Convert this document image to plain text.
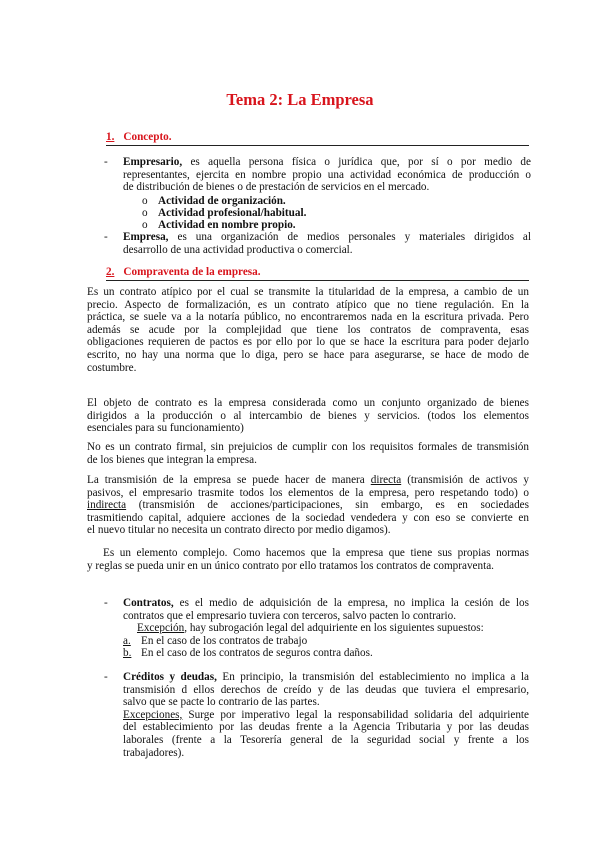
Tema 2: La Empresa
1. Concepto.
- Empresario, es aquella persona física o jurídica que, por sí o por medio de

representantes, ejercita en nombre propio una actividad económica de producción o

de distribución de bienes o de prestación de servicios en el mercado.

o Actividad de organización.
o Actividad profesional/habitual.
o Actividad en nombre propio.
- Empresa, es una organización de medios personales y materiales dirigidos al

desarrollo de una actividad productiva o comercial.

2. Compraventa de la empresa.

Es un contrato atípico por el cual se transmite la titularidad de la empresa, a cambio de un

precio. Aspecto de formalización, es un contrato atípico que no tiene regulación. En la

práctica, se suele va a la notaría público, no encontraremos nada en la escritura privada. Pero

además se acude por la complejidad que tiene los contratos de compraventa, esas

obligaciones requieren de pactos es por ello por lo que se hace la escritura para poder dejarlo

escrito, no hay una norma que lo diga, pero se hace para asegurarse, se hace de modo de

costumbre.

El objeto de contrato es la empresa considerada como un conjunto organizado de bienes

dirigidos a la producción o al intercambio de bienes y servicios. (todos los elementos

esenciales para su funcionamiento)

No es un contrato firmal, sin prejuicios de cumplir con los requisitos formales de transmisión

de los bienes que integran la empresa.

La transmisión de la empresa se puede hacer de manera directa (transmisión de activos y

pasivos, el empresario trasmite todos los elementos de la empresa, pero respetando todo) o

indirecta (transmisión de acciones/participaciones, sin embargo, es en sociedades

trasmitiendo capital, adquiere acciones de la sociedad vendedera y con eso se convierte en

el nuevo titular no necesita un contrato directo por medio digamos).

Es un elemento complejo. Como hacemos que la empresa que tiene sus propias normas

y reglas se pueda unir en un único contrato por ello tratamos los contratos de compraventa.

- Contratos, es el medio de adquisición de la empresa, no implica la cesión de los

contratos que el empresario tuviera con terceros, salvo pacten lo contrario.

Excepción, hay subrogación legal del adquiriente en los siguientes supuestos:

a. En el caso de los contratos de trabajo

b. En el caso de los contratos de seguros contra daños.

- Créditos y deudas, En principio, la transmisión del establecimiento no implica a la

transmisión d ellos derechos de creído y de las deudas que tuviera el empresario,

salvo que se pacte lo contrario de las partes.

Excepciones, Surge por imperativo legal la responsabilidad solidaria del adquiriente

del establecimiento por las deudas frente a la Agencia Tributaria y por las deudas

laborales (frente a la Tesorería general de la seguridad social y frente a los

trabajadores).
